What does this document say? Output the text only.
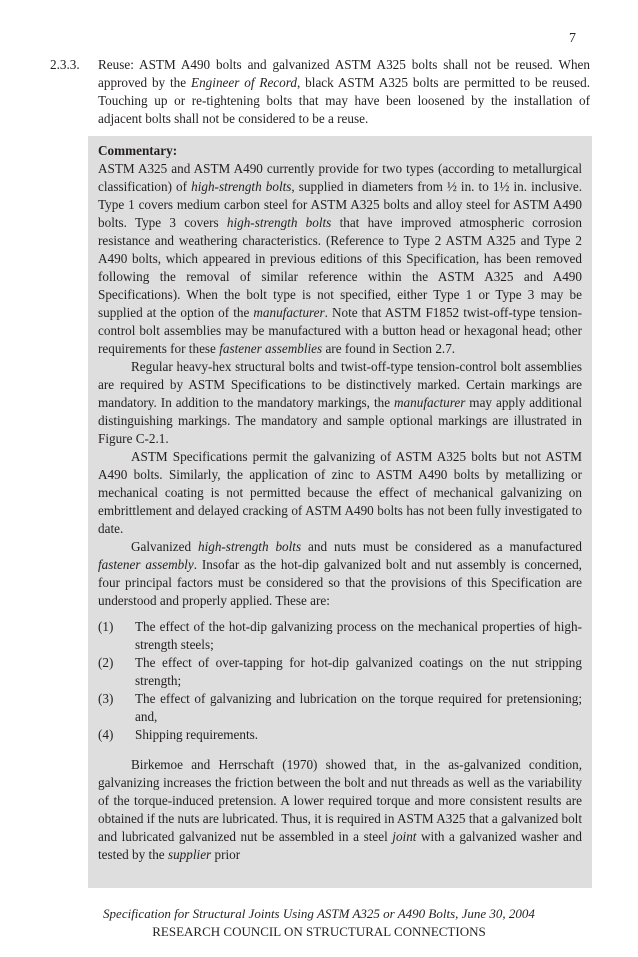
7
2.3.3. Reuse: ASTM A490 bolts and galvanized ASTM A325 bolts shall not be reused. When approved by the Engineer of Record, black ASTM A325 bolts are permitted to be reused. Touching up or re-tightening bolts that may have been loosened by the installation of adjacent bolts shall not be considered to be a reuse.

Commentary:

ASTM A325 and ASTM A490 currently provide for two types (according to metallurgical classification) of high-strength bolts, supplied in diameters from ½ in. to 1½ in. inclusive. Type 1 covers medium carbon steel for ASTM A325 bolts and alloy steel for ASTM A490 bolts. Type 3 covers high-strength bolts that have improved atmospheric corrosion resistance and weathering characteristics. (Reference to Type 2 ASTM A325 and Type 2 A490 bolts, which appeared in previous editions of this Specification, has been removed following the removal of similar reference within the ASTM A325 and A490 Specifications). When the bolt type is not specified, either Type 1 or Type 3 may be supplied at the option of the manufacturer. Note that ASTM F1852 twist-off-type tension-control bolt assemblies may be manufactured with a button head or hexagonal head; other requirements for these fastener assemblies are found in Section 2.7.

Regular heavy-hex structural bolts and twist-off-type tension-control bolt assemblies are required by ASTM Specifications to be distinctively marked. Certain markings are mandatory. In addition to the mandatory markings, the manufacturer may apply additional distinguishing markings. The mandatory and sample optional markings are illustrated in Figure C-2.1.

ASTM Specifications permit the galvanizing of ASTM A325 bolts but not ASTM A490 bolts. Similarly, the application of zinc to ASTM A490 bolts by metallizing or mechanical coating is not permitted because the effect of mechanical galvanizing on embrittlement and delayed cracking of ASTM A490 bolts has not been fully investigated to date.

Galvanized high-strength bolts and nuts must be considered as a manufactured fastener assembly. Insofar as the hot-dip galvanized bolt and nut assembly is concerned, four principal factors must be considered so that the provisions of this Specification are understood and properly applied. These are:

(1)	The effect of the hot-dip galvanizing process on the mechanical properties of high-strength steels;
(2)	The effect of over-tapping for hot-dip galvanized coatings on the nut stripping strength;
(3)	The effect of galvanizing and lubrication on the torque required for pretensioning; and,
(4)	Shipping requirements.

Birkemoe and Herrschaft (1970) showed that, in the as-galvanized condition, galvanizing increases the friction between the bolt and nut threads as well as the variability of the torque-induced pretension. A lower required torque and more consistent results are obtained if the nuts are lubricated. Thus, it is required in ASTM A325 that a galvanized bolt and lubricated galvanized nut be assembled in a steel joint with a galvanized washer and tested by the supplier prior

Specification for Structural Joints Using ASTM A325 or A490 Bolts, June 30, 2004
RESEARCH COUNCIL ON STRUCTURAL CONNECTIONS
